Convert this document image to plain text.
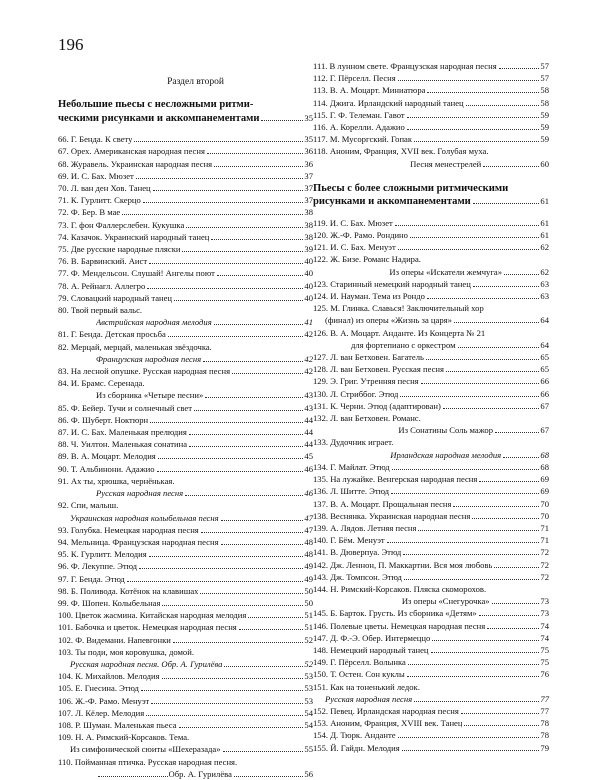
196
Раздел второй
Небольшие пьесы с несложными ритми-
ческими рисунками и аккомпанементами	35
66. Г. Бенда. К свету	35
67. Орех. Американская народная песня	36
68. Журавель. Украинская народная песня	36
69. И. С. Бах. Мюзет	37
70. Л. ван ден Хов. Танец	37
71. К. Гурлитт. Скерцо	37
72. Ф. Бер. В мае	38
73. Г. фон Фаллерслебен. Кукушка	38
74. Казачок. Украинский народный танец	38
75. Две русские народные пляски	39
76. В. Барвинский. Аист	40
77. Ф. Мендельсон. Слушай! Ангелы поют	40
78. А. Рейнагл. Аллегро	40
79. Словацкий народный танец	40
80. Твой первый вальс.
Австрийская народная мелодия	41
81. Г. Бенда. Детская просьба	42
82. Мерцай, мерцай, маленькая звёздочка.
Французская народная песня	42
83. На лесной опушке. Русская народная песня	42
84. И. Брамс. Серенада.
Из сборника «Четыре песни»	43
85. Ф. Бейер. Тучи и солнечный свет	43
86. Ф. Шуберт. Ноктюрн	44
87. И. С. Бах. Маленькая прелюдия	44
88. Ч. Уилтон. Маленькая сонатина	44
89. В. А. Моцарт. Мелодия	45
90. Т. Альбинони. Адажио	46
91. Ах ты, хрюшка, чернёнькая.
Русская народная песня	46
92. Спи, малыш.
Украинская народная колыбельная песня	47
93. Голубка. Немецкая народная песня	47
94. Мельница. Французская народная песня	48
95. К. Гурлитт. Мелодия	48
96. Ф. Лекуппе. Этюд	49
97. Г. Бенда. Этюд	49
98. Б. Поливода. Котёнок на клавишах	50
99. Ф. Шопен. Колыбельная	50
100. Цветок жасмина. Китайская народная мелодия	51
101. Бабочка и цветок. Немецкая народная песня	51
102. Ф. Видемани. Напевгонки	52
103. Ты поди, моя коровушка, домой.
Русская народная песня. Обр. А. Гурилёва	52
104. К. Михайлов. Мелодия	53
105. Е. Гнесина. Этюд	53
106. Ж.-Ф. Рамо. Менуэт	53
107. Л. Кёлер. Мелодия	54
108. Р. Шуман. Маленькая пьеса	54
109. Н. А. Римский-Корсаков. Тема.
Из симфонической сюиты «Шехеразада»	55
110. Пойманная птичка. Русская народная песня.
Обр. А. Гурилёва	56
111. В лунном свете. Французская народная песня	57
112. Г. Пёрселл. Песня	57
113. В. А. Моцарт. Миниатюра	58
114. Джига. Ирландский народный танец	58
115. Г. Ф. Телеман. Гавот	59
116. А. Корелли. Адажио	59
117. М. Мусоргский. Гопак	59
118. Аноним, Франция, XVII век. Голубая муха.
Песня менестрелей	60
Пьесы с более сложными ритмическими
рисунками и аккомпанементами	61
119. И. С. Бах. Мюзет	61
120. Ж.-Ф. Рамо. Рондино	61
121. И. С. Бах. Менуэт	62
122. Ж. Бизе. Романс Надира.
Из оперы «Искатели жемчуга»	62
123. Старинный немецкий народный танец	63
124. И. Науман. Тема из Рондо	63
125. М. Глинка. Славься! Заключительный хор
(финал) из оперы «Жизнь за царя»	64
126. В. А. Моцарт. Анданте. Из Концерта № 21
для фортепиано с оркестром	64
127. Л. ван Бетховен. Багатель	65
128. Л. ван Бетховен. Русская песня	65
129. Э. Григ. Утренняя песня	66
130. Л. Стриббог. Этюд	66
131. К. Черни. Этюд (адаптирован)	67
132. Л. ван Бетховен. Романс.
Из Сонатины Соль мажор	67
133. Дудочник играет.
Ирландская народная мелодия	68
134. Г. Майлат. Этюд	68
135. На лужайке. Венгерская народная песня	69
136. Л. Шитте. Этюд	69
137. В. А. Моцарт. Прощальная песня	70
138. Веснянка. Украинская народная песня	70
139. А. Лядов. Летняя песня	71
140. Г. Бём. Менуэт	71
141. В. Дюверпуа. Этюд	72
142. Дж. Леннон, П. Маккартни. Вся моя любовь	72
143. Дж. Томпсон. Этюд	72
144. Н. Римский-Корсаков. Пляска скоморохов.
Из оперы «Снегурочка»	73
145. Б. Барток. Грусть. Из сборника «Детям»	73
146. Полевые цветы. Немецкая народная песня	74
147. Д. Ф.-Э. Обер. Интермеццо	74
148. Немецкий народный танец	75
149. Г. Пёрселл. Волынка	75
150. Т. Остен. Сон куклы	76
151. Как на тоненький ледок.
Русская народная песня	77
152. Певец. Ирландская народная песня	77
153. Аноним, Франция, XVIII век. Танец	78
154. Д. Тюрк. Андантe	78
155. Й. Гайдн. Мелодия	79
